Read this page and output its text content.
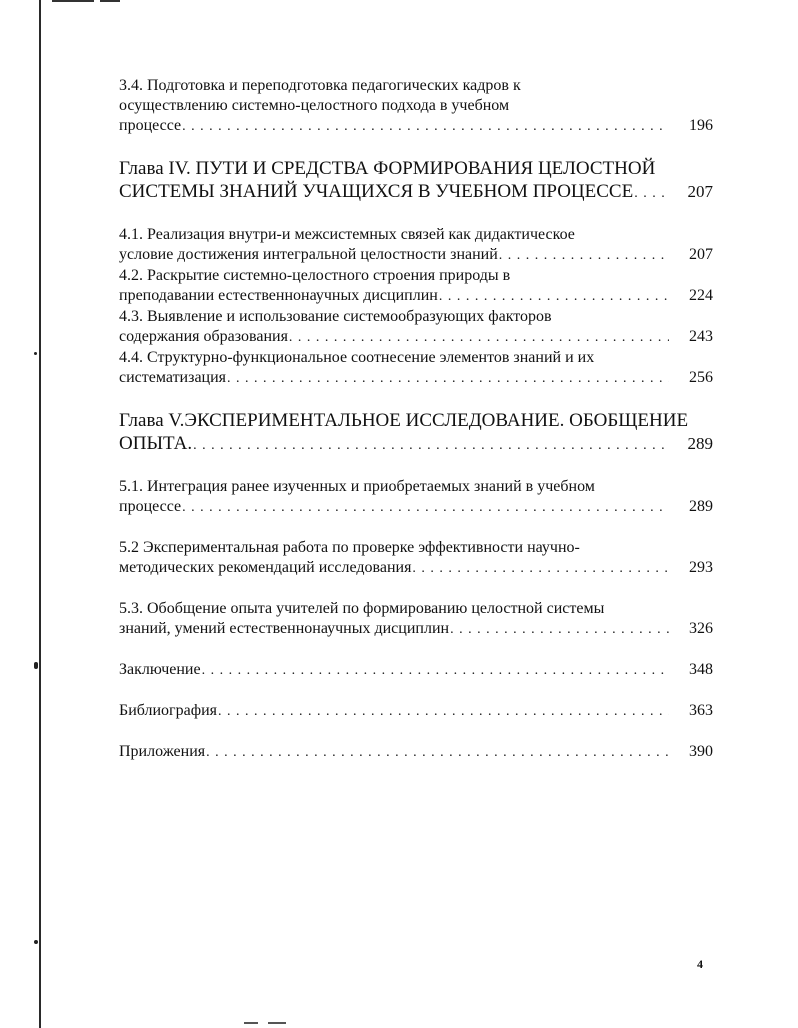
3.4. Подготовка и переподготовка педагогических кадров к
осуществлению системно-целостного подхода в учебном
процессе . . .	196
Глава IV. ПУТИ И СРЕДСТВА ФОРМИРОВАНИЯ ЦЕЛОСТНОЙ
СИСТЕМЫ ЗНАНИЙ УЧАЩИХСЯ В УЧЕБНОМ ПРОЦЕССЕ . . .	207
4.1. Реализация внутри-и межсистемных связей как дидактическое
условие достижения интегральной целостности знаний . . .	207
4.2. Раскрытие системно-целостного строения природы в
преподавании естественнонаучных дисциплин . . .	224
4.3. Выявление и использование системообразующих факторов
содержания образования . . .	243
4.4. Структурно-функциональное соотнесение элементов знаний и их
систематизация . . .	256
Глава V.ЭКСПЕРИМЕНТАЛЬНОЕ ИССЛЕДОВАНИЕ. ОБОБЩЕНИЕ
ОПЫТА. . . .	289
5.1. Интеграция ранее изученных и приобретаемых знаний в учебном
процессе . . .	289
5.2 Экспериментальная работа по проверке эффективности научно-
методических рекомендаций исследования . . .	293
5.3. Обобщение опыта учителей по формированию целостной системы
знаний, умений естественнонаучных дисциплин . . .	326
Заключение . . .	348
Библиография . . .	363
Приложения . . .	390
4
